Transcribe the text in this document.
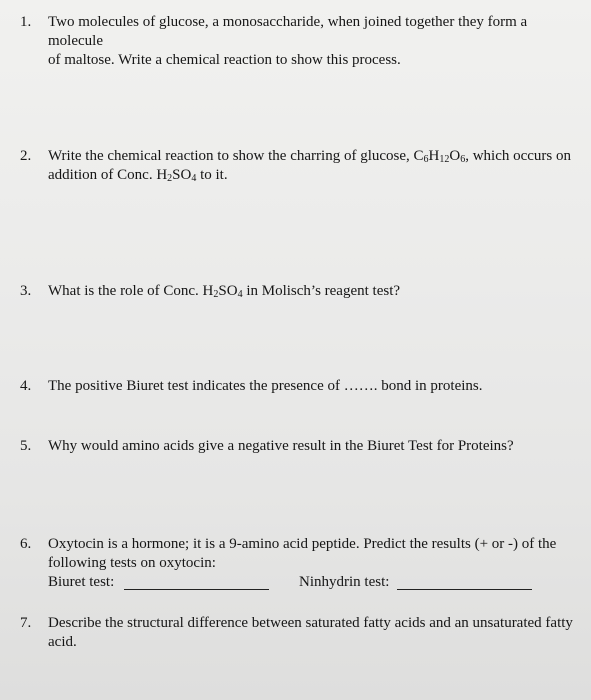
1. Two molecules of glucose, a monosaccharide, when joined together they form a molecule
of maltose. Write a chemical reaction to show this process.
2. Write the chemical reaction to show the charring of glucose, $C_6H_{12}O_6$, which occurs on
addition of Conc. $H_2SO_4$ to it.
3. What is the role of Conc. $H_2SO_4$ in Molisch’s reagent test?
4. The positive Biuret test indicates the presence of ……. bond in proteins.
5. Why would amino acids give a negative result in the Biuret Test for Proteins?
6. Oxytocin is a hormone; it is a 9-amino acid peptide. Predict the results (+ or -) of the
following tests on oxytocin:
Biuret test:	Ninhydrin test:
7. Describe the structural difference between saturated fatty acids and an unsaturated fatty
acid.
